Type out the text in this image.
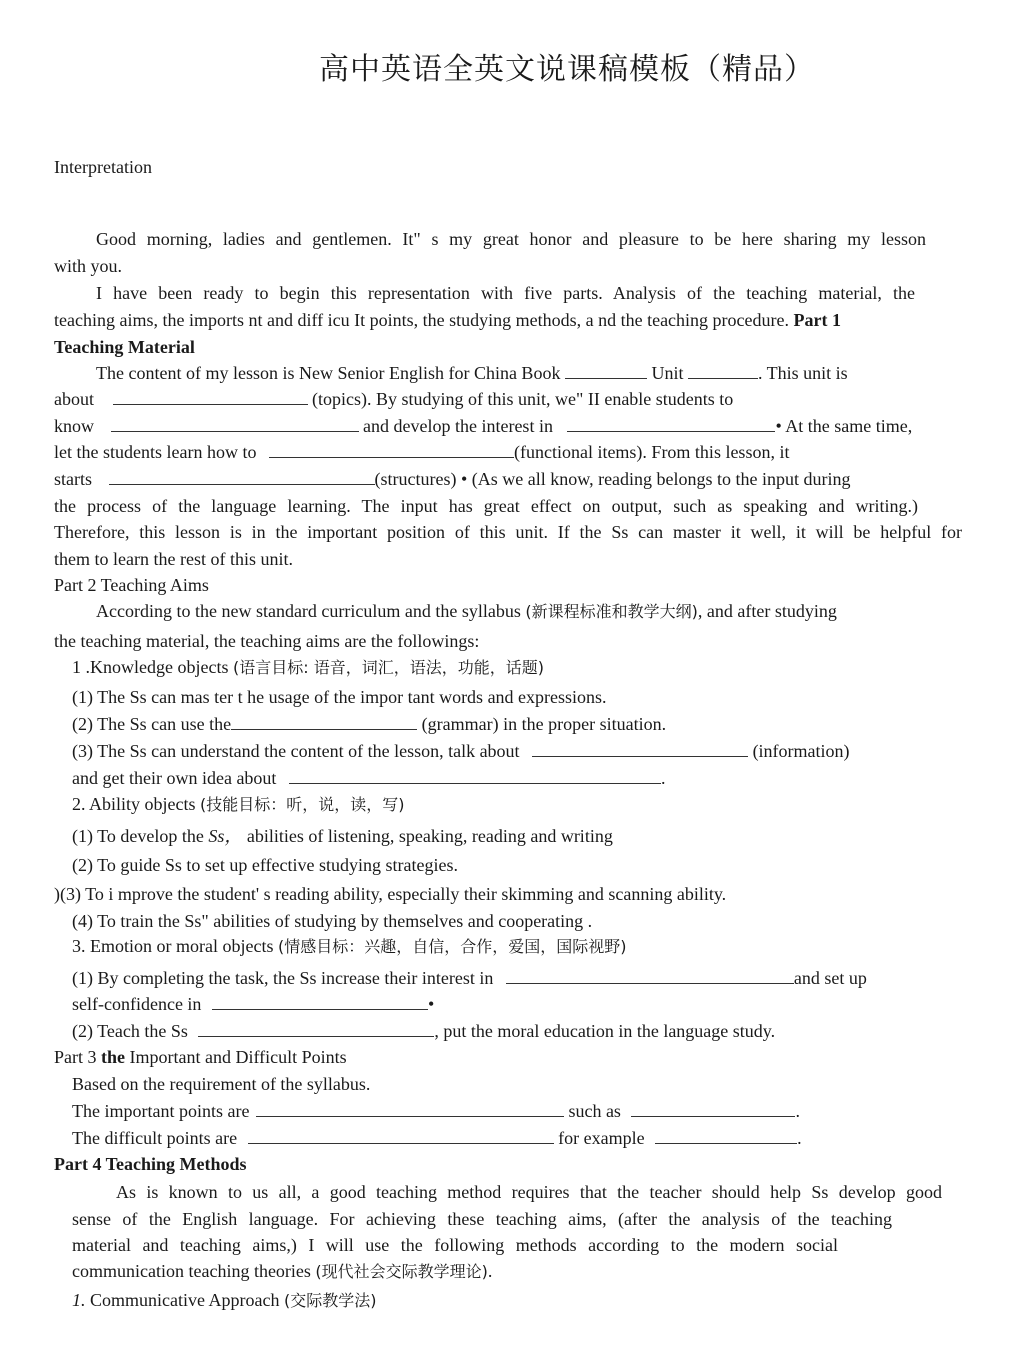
高中英语全英文说课稿模板（精品）
Interpretation
Good morning, ladies and gentlemen. It" s my great honor and pleasure to be here sharing my lesson
with you.
I have been ready to begin this representation with five parts. Analysis of the teaching material, the
teaching aims, the imports nt and diff icu It points, the studying methods, a nd the teaching procedure. Part 1
Teaching Material
The content of my lesson is New Senior English for China Book	Unit	. This unit is
about	(topics). By studying of this unit, we" II enable students to
know	and develop the interest in	• At the same time,
let the students learn how to	(functional items). From this lesson, it
starts	(structures) • (As we all know, reading belongs to the input during
the process of the language learning. The input has great effect on output, such as speaking and writing.)
Therefore, this lesson is in the important position of this unit. If the Ss can master it well, it will be helpful for
them to learn the rest of this unit.
Part 2 Teaching Aims
According to the new standard curriculum and the syllabus (新课程标准和教学大纲), and after studying
the teaching material, the teaching aims are the followings:
1 .Knowledge objects (语言目标: 语音，词汇，语法，功能，话题)
(1) The Ss can mas ter t he usage of the impor tant words and expressions.
(2) The Ss can use the	(grammar) in the proper situation.
(3) The Ss can understand the content of the lesson, talk about	(information)
and get their own idea about	.
2. Ability objects (技能目标：听，说，读，写)
(1) To develop the Ss， abilities of listening, speaking, reading and writing
(2) To guide Ss to set up effective studying strategies.
)(3) To i mprove the student' s reading ability, especially their skimming and scanning ability.
(4) To train the Ss" abilities of studying by themselves and cooperating .
3. Emotion or moral objects (情感目标：兴趣，自信，合作，爱国，国际视野)
(1) By completing the task, the Ss increase their interest in	and set up
self-confidence in	•
(2) Teach the Ss	, put the moral education in the language study.
Part 3 the Important and Difficult Points
Based on the requirement of the syllabus.
The important points are	such as	.
The difficult points are	for example	.
Part 4 Teaching Methods
As is known to us all, a good teaching method requires that the teacher should help Ss develop good
sense of the English language. For achieving these teaching aims, (after the analysis of the teaching
material and teaching aims,) I will use the following methods according to the modern social
communication teaching theories (现代社会交际教学理论).
1. Communicative Approach (交际教学法)
